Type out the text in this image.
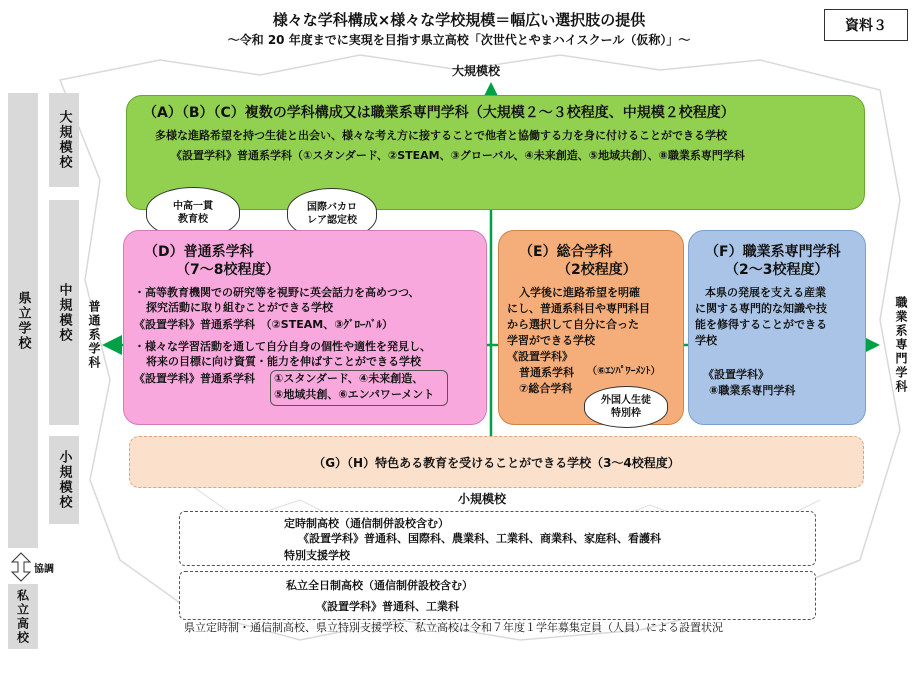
様々な学科構成×様々な学校規模＝幅広い選択肢の提供
～令和 20 年度までに実現を目指す県立高校「次世代とやまハイスクール（仮称）」～
資料３
大規模校
小規模校
普通系学科	職業系専門学科
県立学校
大規模校
中規模校
小規模校
協調
私立高校
（A）（B）（C）複数の学科構成又は職業系専門学科（大規模２～３校程度、中規模２校程度）
多様な進路希望を持つ生徒と出会い、様々な考え方に接することで他者と協働する力を身に付けることができる学校
《設置学科》普通系学科（①スタンダード、②STEAM、③グローバル、④未来創造、⑤地域共創）、⑧職業系専門学科
中高一貫
教育校
国際バカロ
レア認定校
（D）普通系学科
（7～8校程度）
・高等教育機関での研究等を視野に英会話力を高めつつ、
探究活動に取り組むことができる学校
《設置学科》普通系学科　（②STEAM、③ｸﾞﾛｰﾊﾞﾙ）
・様々な学習活動を通して自分自身の個性や適性を発見し、
将来の目標に向け資質・能力を伸ばすことができる学校
《設置学科》普通系学科 ①スタンダード、④未来創造、
⑤地域共創、⑥エンパワーメント
（E）総合学科
（2校程度）
入学後に進路希望を明確
にし、普通系科目や専門科目
から選択して自分に合った
学習ができる学校
《設置学科》
普通系学科 （⑥ｴﾝﾊﾟﾜｰﾒﾝﾄ）
⑦総合学科
外国人生徒
特別枠
（F）職業系専門学科
（2～3校程度）
本県の発展を支える産業
に関する専門的な知識や技
能を修得することができる
学校
《設置学科》
⑧職業系専門学科
（G）（H）特色ある教育を受けることができる学校（3～4校程度）
定時制高校（通信制併設校含む）
《設置学科》普通科、国際科、農業科、工業科、商業科、家庭科、看護科
特別支援学校
私立全日制高校（通信制併設校含む）
《設置学科》普通科、工業科
県立定時制・通信制高校、県立特別支援学校、私立高校は令和７年度１学年募集定員（人員）による設置状況
